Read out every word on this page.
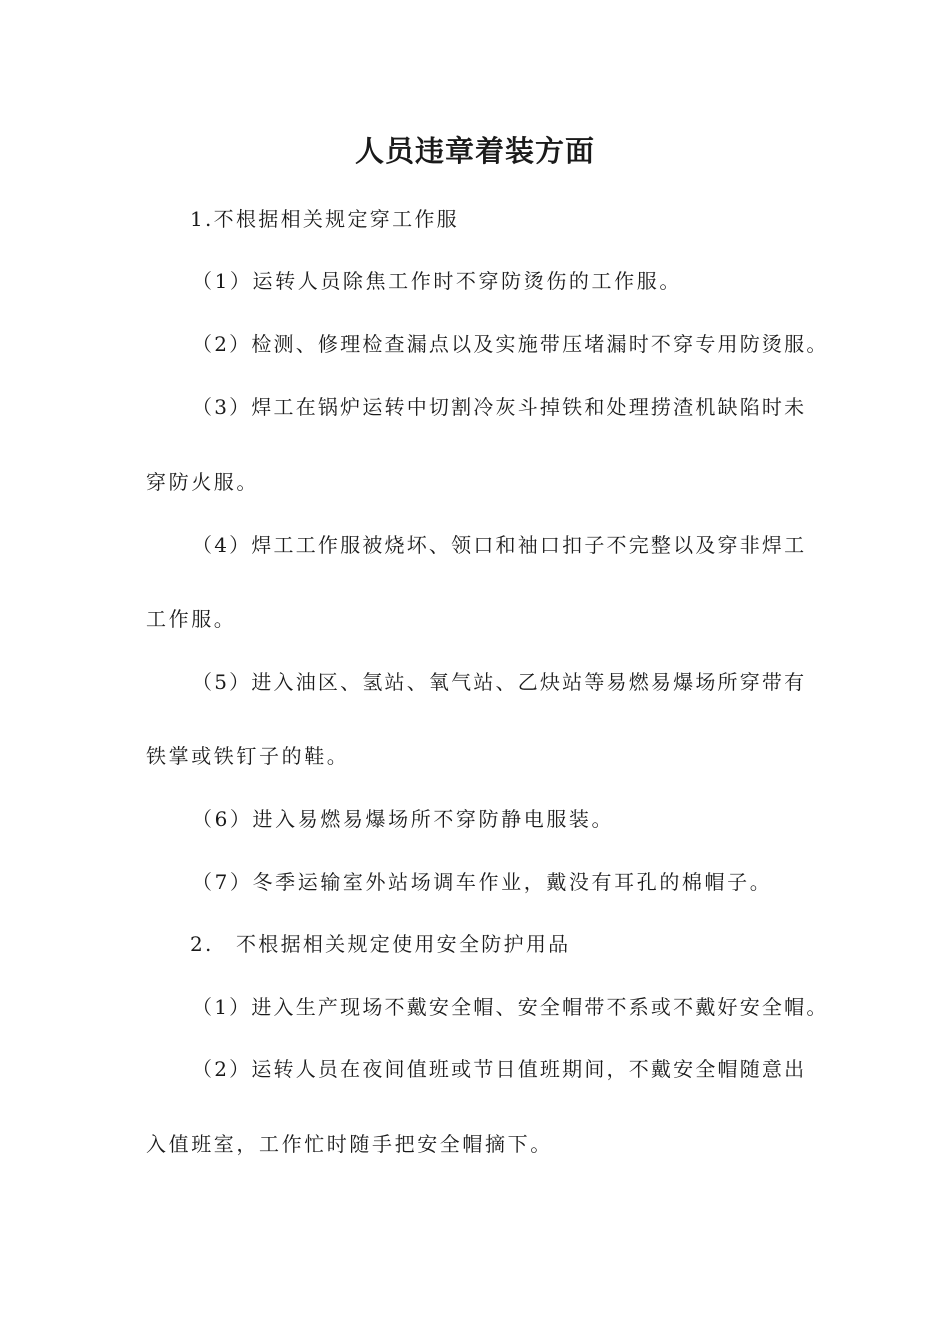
人员违章着装方面
1.不根据相关规定穿工作服
（1）运转人员除焦工作时不穿防烫伤的工作服。
（2）检测、修理检查漏点以及实施带压堵漏时不穿专用防烫服。
（3）焊工在锅炉运转中切割冷灰斗掉铁和处理捞渣机缺陷时未
穿防火服。
（4）焊工工作服被烧坏、领口和袖口扣子不完整以及穿非焊工
工作服。
（5）进入油区、氢站、氧气站、乙炔站等易燃易爆场所穿带有
铁掌或铁钉子的鞋。
（6）进入易燃易爆场所不穿防静电服装。
（7）冬季运输室外站场调车作业，戴没有耳孔的棉帽子。
2.　不根据相关规定使用安全防护用品
（1）进入生产现场不戴安全帽、安全帽带不系或不戴好安全帽。
（2）运转人员在夜间值班或节日值班期间，不戴安全帽随意出
入值班室，工作忙时随手把安全帽摘下。
